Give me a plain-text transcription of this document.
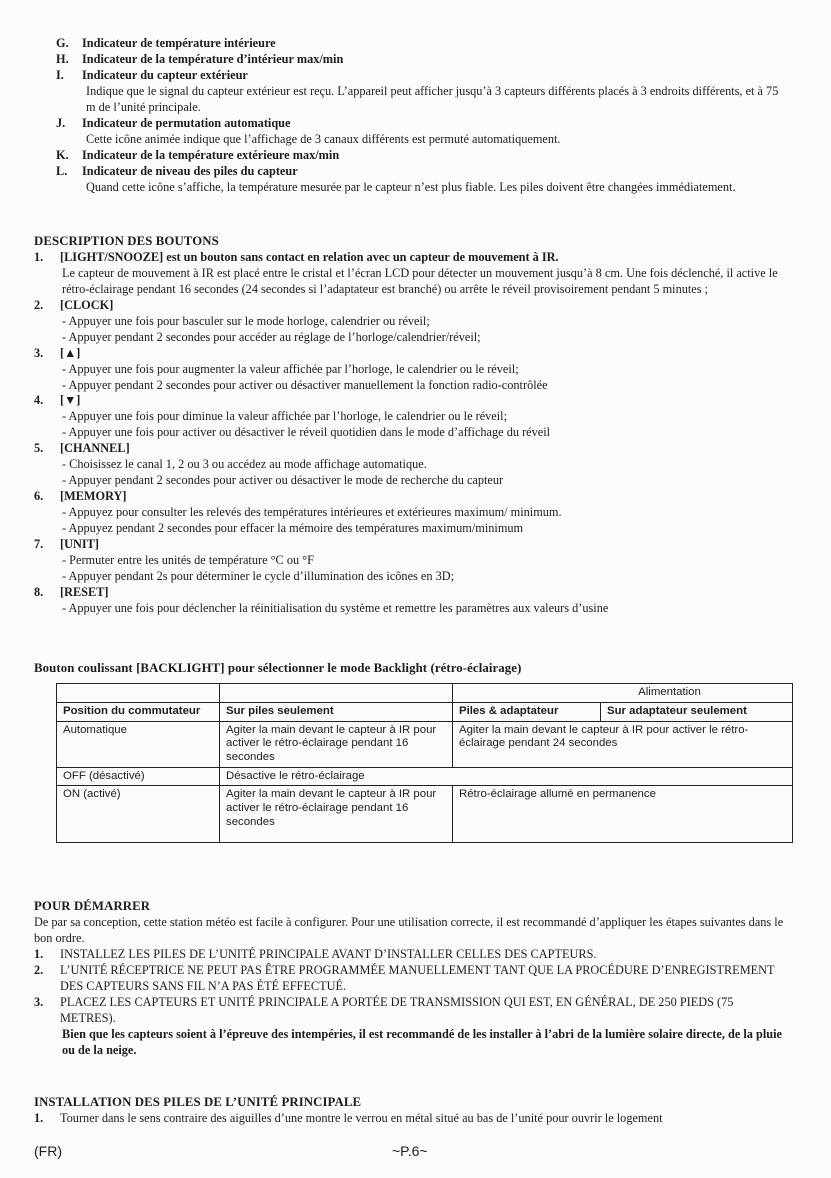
G.	Indicateur de température intérieure
H.	Indicateur de la température d’intérieur max/min
I.	Indicateur du capteur extérieur

Indique que le signal du capteur extérieur est reçu. L’appareil peut afficher jusqu’à 3 capteurs différents placés à 3 endroits différents, et à 75 m de l’unité principale.

J.	Indicateur de permutation automatique

Cette icône animée indique que l’affichage de 3 canaux différents est permuté automatiquement.

K.	Indicateur de la température extérieure max/min
L.	Indicateur de niveau des piles du capteur

Quand cette icône s’affiche, la température mesurée par le capteur n’est plus fiable. Les piles doivent être changées immédiatement.

DESCRIPTION DES BOUTONS
1.	[LIGHT/SNOOZE] est un bouton sans contact en relation avec un capteur de mouvement à IR.

Le capteur de mouvement à IR est placé entre le cristal et l’écran LCD pour détecter un mouvement jusqu’à 8 cm. Une fois déclenché, il active le rétro-éclairage pendant 16 secondes (24 secondes si l’adaptateur est branché) ou arrête le réveil provisoirement pendant 5 minutes ;

2.	[CLOCK]

- Appuyer une fois pour basculer sur le mode horloge, calendrier ou réveil;

- Appuyer pendant 2 secondes pour accéder au réglage de l’horloge/calendrier/réveil;

3.	[▲]

- Appuyer une fois pour augmenter la valeur affichée par l’horloge, le calendrier ou le réveil;

- Appuyer pendant 2 secondes pour activer ou désactiver manuellement la fonction radio-contrôlée

4.	[▼]

- Appuyer une fois pour diminue la valeur affichée par l’horloge, le calendrier ou le réveil;

- Appuyer une fois pour activer ou désactiver le réveil quotidien dans le mode d’affichage du réveil

5.	[CHANNEL]

- Choisissez le canal 1, 2 ou 3 ou accédez au mode affichage automatique.

- Appuyer pendant 2 secondes pour activer ou désactiver le mode de recherche du capteur

6.	[MEMORY]

- Appuyez pour consulter les relevés des températures intérieures et extérieures maximum/ minimum.

- Appuyez pendant 2 secondes pour effacer la mémoire des températures maximum/minimum

7.	[UNIT]

- Permuter entre les unités de température °C ou °F

- Appuyer pendant 2s pour déterminer le cycle d’illumination des icônes en 3D;

8.	[RESET]

- Appuyer une fois pour déclencher la réinitialisation du système et remettre les paramètres aux valeurs d’usine

Bouton coulissant [BACKLIGHT] pour sélectionner le mode Backlight (rétro-éclairage)
		Alimentation	
Position du commutateur	Sur piles seulement	Piles & adaptateur	Sur adaptateur seulement
Automatique	Agiter la main devant le capteur à IR pour activer le rétro-éclairage pendant 16 secondes	Agiter la main devant le capteur à IR pour activer le rétro-éclairage pendant 24 secondes	
OFF (désactivé)	Désactive le rétro-éclairage		
ON (activé)	Agiter la main devant le capteur à IR pour activer le rétro-éclairage pendant 16 secondes	Rétro-éclairage allumé en permanence	
POUR DÉMARRER

De par sa conception, cette station météo est facile à configurer. Pour une utilisation correcte, il est recommandé d’appliquer les étapes suivantes dans le bon ordre.

1.	INSTALLEZ LES PILES DE L’UNITÉ PRINCIPALE AVANT D’INSTALLER CELLES DES CAPTEURS.
2.	L’UNITÉ RÉCEPTRICE NE PEUT PAS ÊTRE PROGRAMMÉE MANUELLEMENT TANT QUE LA PROCÉDURE D’ENREGISTREMENT DES CAPTEURS SANS FIL N’A PAS ÉTÉ EFFECTUÉ.
3.	PLACEZ LES CAPTEURS ET UNITÉ PRINCIPALE A PORTÉE DE TRANSMISSION QUI EST, EN GÉNÉRAL, DE 250 PIEDS (75 METRES).

Bien que les capteurs soient à l’épreuve des intempéries, il est recommandé de les installer à l’abri de la lumière solaire directe, de la pluie ou de la neige.

INSTALLATION DES PILES DE L’UNITÉ PRINCIPALE
1.	Tourner dans le sens contraire des aiguilles d’une montre le verrou en métal situé au bas de l’unité pour ouvrir le logement
(FR)	~P.6~
